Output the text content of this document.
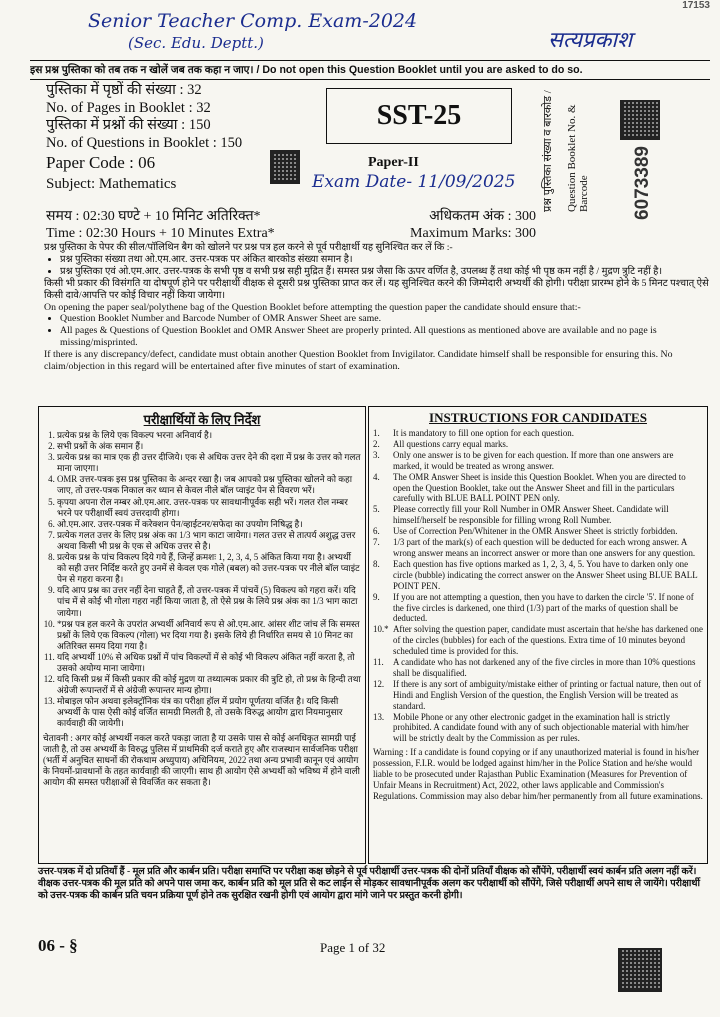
17153
Senior Teacher Comp. Exam-2024
(Sec. Edu. Deptt.)	सत्यप्रकाश
इस प्रश्न पुस्तिका को तब तक न खोलें जब तक कहा न जाए। / Do not open this Question Booklet until you are asked to do so.
पुस्तिका में पृष्ठों की संख्या : 32
No. of Pages in Booklet : 32
पुस्तिका में प्रश्नों की संख्या : 150
No. of Questions in Booklet : 150
Paper Code : 06
Subject: Mathematics
SST-25
Paper-II
Exam Date- 11/09/2025 प्रश्न पुस्तिका संख्या व बारकोड / Question Booklet No. & Barcode 6073389
समय : 02:30 घण्टे + 10 मिनिट अतिरिक्त*	अधिकतम अंक : 300
Time : 02:30 Hours + 10 Minutes Extra*	Maximum Marks: 300
प्रश्न पुस्तिका के पेपर की सील/पॉलिथिन बैग को खोलने पर प्रश्न पत्र हल करने से पूर्व परीक्षार्थी यह सुनिश्चित कर लें कि :-
• प्रश्न पुस्तिका संख्या तथा ओ.एम.आर. उत्तर-पत्रक पर अंकित बारकोड संख्या समान है।
• प्रश्न पुस्तिका एवं ओ.एम.आर. उत्तर-पत्रक के सभी पृष्ठ व सभी प्रश्न सही मुद्रित हैं। समस्त प्रश्न जैसा कि ऊपर वर्णित है, उपलब्ध हैं तथा कोई भी पृष्ठ कम नहीं है / मुद्रण त्रुटि नहीं है।
किसी भी प्रकार की विसंगति या दोषपूर्ण होने पर परीक्षार्थी वीक्षक से दूसरी प्रश्न पुस्तिका प्राप्त कर लें। यह सुनिश्चित करने की जिम्मेदारी अभ्यर्थी की होगी। परीक्षा प्रारम्भ होने के 5 मिनट पश्चात् ऐसे किसी दावे/आपत्ति पर कोई विचार नहीं किया जायेगा।
On opening the paper seal/polythene bag of the Question Booklet before attempting the question paper the candidate should ensure that:-
• Question Booklet Number and Barcode Number of OMR Answer Sheet are same.
• All pages & Questions of Question Booklet and OMR Answer Sheet are properly printed. All questions as mentioned above are available and no page is missing/misprinted.
If there is any discrepancy/defect, candidate must obtain another Question Booklet from Invigilator. Candidate himself shall be responsible for ensuring this. No claim/objection in this regard will be entertained after five minutes of start of examination.
परीक्षार्थियों के लिए निर्देश
1. प्रत्येक प्रश्न के लिये एक विकल्प भरना अनिवार्य है।
2. सभी प्रश्नों के अंक समान हैं।
3. प्रत्येक प्रश्न का मात्र एक ही उत्तर दीजिये। एक से अधिक उत्तर देने की दशा में प्रश्न के उत्तर को गलत माना जाएगा।
4. OMR उत्तर-पत्रक इस प्रश्न पुस्तिका के अन्दर रखा है। जब आपको प्रश्न पुस्तिका खोलने को कहा जाए, तो उत्तर-पत्रक निकाल कर ध्यान से केवल नीले बॉल प्वाइंट पेन से विवरण भरें।
5. कृपया अपना रोल नम्बर ओ.एम.आर. उत्तर-पत्रक पर सावधानीपूर्वक सही भरें। गलत रोल नम्बर भरने पर परीक्षार्थी स्वयं उत्तरदायी होगा।
6. ओ.एम.आर. उत्तर-पत्रक में करेक्शन पेन/व्हाईटनर/सफेदा का उपयोग निषिद्ध है।
7. प्रत्येक गलत उत्तर के लिए प्रश्न अंक का 1/3 भाग काटा जायेगा। गलत उत्तर से तात्पर्य अशुद्ध उत्तर अथवा किसी भी प्रश्न के एक से अधिक उत्तर से है।
8. प्रत्येक प्रश्न के पांच विकल्प दिये गये हैं, जिन्हें क्रमशः 1, 2, 3, 4, 5 अंकित किया गया है। अभ्यर्थी को सही उत्तर निर्दिष्ट करते हुए उनमें से केवल एक गोले (बबल) को उत्तर-पत्रक पर नीले बॉल प्वाइंट पेन से गहरा करना है।
9. यदि आप प्रश्न का उत्तर नहीं देना चाहते हैं, तो उत्तर-पत्रक में पांचवें (5) विकल्प को गहरा करें। यदि पांच में से कोई भी गोला गहरा नहीं किया जाता है, तो ऐसे प्रश्न के लिये प्रश्न अंक का 1/3 भाग काटा जायेगा।
10. *प्रश्न पत्र हल करने के उपरांत अभ्यर्थी अनिवार्य रूप से ओ.एम.आर. आंसर शीट जांच लें कि समस्त प्रश्नों के लिये एक विकल्प (गोला) भर दिया गया है। इसके लिये ही निर्धारित समय से 10 मिनट का अतिरिक्त समय दिया गया है।
11. यदि अभ्यर्थी 10% से अधिक प्रश्नों में पांच विकल्पों में से कोई भी विकल्प अंकित नहीं करता है, तो उसको अयोग्य माना जायेगा।
12. यदि किसी प्रश्न में किसी प्रकार की कोई मुद्रण या तथ्यात्मक प्रकार की त्रुटि हो, तो प्रश्न के हिन्दी तथा अंग्रेजी रूपान्तरों में से अंग्रेजी रूपान्तर मान्य होगा।
13. मोबाइल फोन अथवा इलेक्ट्रॉनिक यंत्र का परीक्षा हॉल में प्रयोग पूर्णतया वर्जित है। यदि किसी अभ्यर्थी के पास ऐसी कोई वर्जित सामग्री मिलती है, तो उसके विरुद्ध आयोग द्वारा नियमानुसार कार्यवाही की जायेगी।
चेतावनी : अगर कोई अभ्यर्थी नकल करते पकड़ा जाता है या उसके पास से कोई अनधिकृत सामग्री पाई जाती है, तो उस अभ्यर्थी के विरुद्ध पुलिस में प्राथमिकी दर्ज कराते हुए और राजस्थान सार्वजनिक परीक्षा (भर्ती में अनुचित साधनों की रोकथाम अध्युपाय) अधिनियम, 2022 तथा अन्य प्रभावी कानून एवं आयोग के नियमों-प्रावधानों के तहत कार्यवाही की जाएगी। साथ ही आयोग ऐसे अभ्यर्थी को भविष्य में होने वाली आयोग की समस्त परीक्षाओं से विवर्जित कर सकता है।
INSTRUCTIONS FOR CANDIDATES
1.	It is mandatory to fill one option for each question.
2.	All questions carry equal marks.
3.	Only one answer is to be given for each question. If more than one answers are marked, it would be treated as wrong answer.
4.	The OMR Answer Sheet is inside this Question Booklet. When you are directed to open the Question Booklet, take out the Answer Sheet and fill in the particulars carefully with BLUE BALL POINT PEN only.
5.	Please correctly fill your Roll Number in OMR Answer Sheet. Candidate will himself/herself be responsible for filling wrong Roll Number.
6.	Use of Correction Pen/Whitener in the OMR Answer Sheet is strictly forbidden.
7.	1/3 part of the mark(s) of each question will be deducted for each wrong answer. A wrong answer means an incorrect answer or more than one answers for any question.
8.	Each question has five options marked as 1, 2, 3, 4, 5. You have to darken only one circle (bubble) indicating the correct answer on the Answer Sheet using BLUE BALL POINT PEN.
9.	If you are not attempting a question, then you have to darken the circle '5'. If none of the five circles is darkened, one third (1/3) part of the marks of question shall be deducted.
10.* After solving the question paper, candidate must ascertain that he/she has darkened one of the circles (bubbles) for each of the questions. Extra time of 10 minutes beyond scheduled time is provided for this.
11.	A candidate who has not darkened any of the five circles in more than 10% questions shall be disqualified.
12.	If there is any sort of ambiguity/mistake either of printing or factual nature, then out of Hindi and English Version of the question, the English Version will be treated as standard.
13.	Mobile Phone or any other electronic gadget in the examination hall is strictly prohibited. A candidate found with any of such objectionable material with him/her will be strictly dealt by the Commission as per rules.
Warning : If a candidate is found copying or if any unauthorized material is found in his/her possession, F.I.R. would be lodged against him/her in the Police Station and he/she would liable to be prosecuted under Rajasthan Public Examination (Measures for Prevention of Unfair Means in Recruitment) Act, 2022, other laws applicable and Commission's Regulations. Commission may also debar him/her permanently from all future examinations.
उत्तर-पत्रक में दो प्रतियाँ हैं - मूल प्रति और कार्बन प्रति। परीक्षा समाप्ति पर परीक्षा कक्ष छोड़ने से पूर्व परीक्षार्थी उत्तर-पत्रक की दोनों प्रतियाँ वीक्षक को सौंपेंगे, परीक्षार्थी स्वयं कार्बन प्रति अलग नहीं करें। वीक्षक उत्तर-पत्रक की मूल प्रति को अपने पास जमा कर, कार्बन प्रति को मूल प्रति से कट लाईन से मोड़कर सावधानीपूर्वक अलग कर परीक्षार्थी को सौंपेंगे, जिसे परीक्षार्थी अपने साथ ले जायेंगे। परीक्षार्थी को उत्तर-पत्रक की कार्बन प्रति चयन प्रक्रिया पूर्ण होने तक सुरक्षित रखनी होगी एवं आयोग द्वारा मांगे जाने पर प्रस्तुत करनी होगी।
06 - §	Page 1 of 32
